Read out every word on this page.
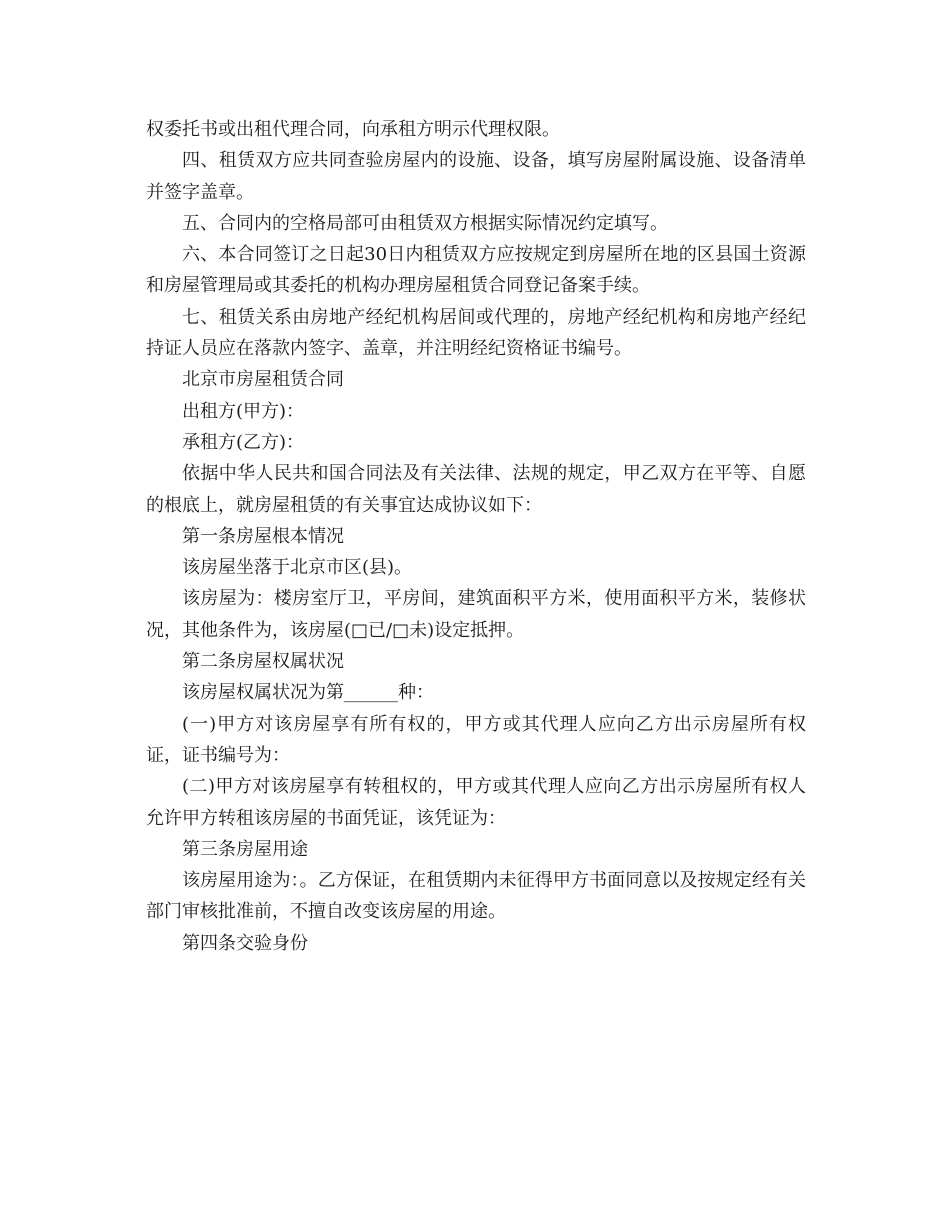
权委托书或出租代理合同，向承租方明示代理权限。

四、租赁双方应共同查验房屋内的设施、设备，填写房屋附属设施、设备清单并签字盖章。

五、合同内的空格局部可由租赁双方根据实际情况约定填写。

六、本合同签订之日起30日内租赁双方应按规定到房屋所在地的区县国土资源和房屋管理局或其委托的机构办理房屋租赁合同登记备案手续。

七、租赁关系由房地产经纪机构居间或代理的，房地产经纪机构和房地产经纪持证人员应在落款内签字、盖章，并注明经纪资格证书编号。

北京市房屋租赁合同

出租方(甲方)：

承租方(乙方)：

依据中华人民共和国合同法及有关法律、法规的规定，甲乙双方在平等、自愿的根底上，就房屋租赁的有关事宜达成协议如下：

第一条房屋根本情况

该房屋坐落于北京市区(县)。

该房屋为：楼房室厅卫，平房间，建筑面积平方米，使用面积平方米，装修状况，其他条件为，该房屋(□已/□未)设定抵押。

第二条房屋权属状况

该房屋权属状况为第______种：

(一)甲方对该房屋享有所有权的，甲方或其代理人应向乙方出示房屋所有权证，证书编号为：

(二)甲方对该房屋享有转租权的，甲方或其代理人应向乙方出示房屋所有权人允许甲方转租该房屋的书面凭证，该凭证为：

第三条房屋用途

该房屋用途为：。乙方保证，在租赁期内未征得甲方书面同意以及按规定经有关部门审核批准前，不擅自改变该房屋的用途。

第四条交验身份
